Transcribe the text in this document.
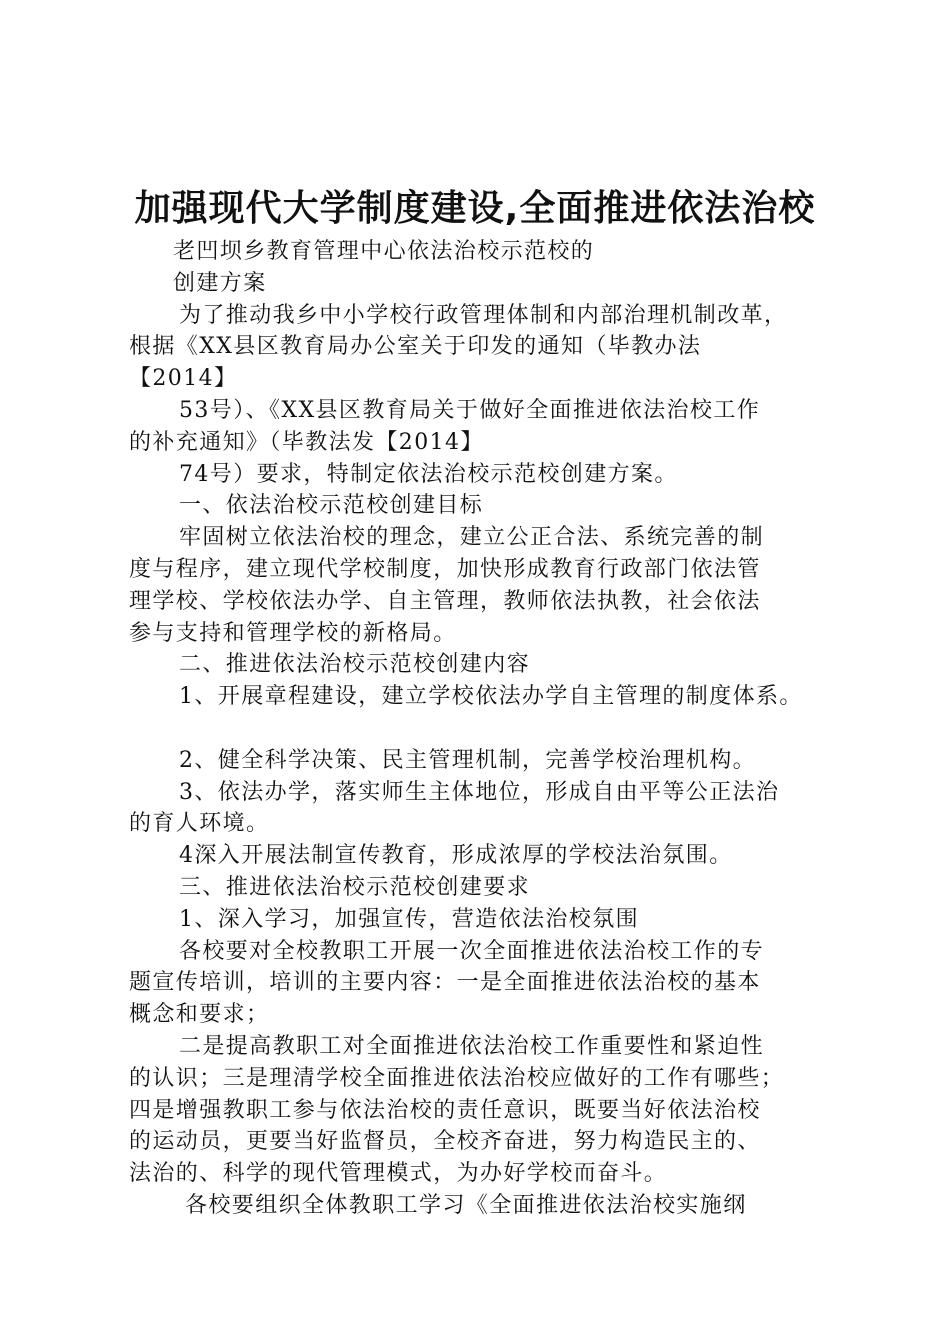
加强现代大学制度建设,全面推进依法治校
老凹坝乡教育管理中心依法治校示范校的
创建方案
为了推动我乡中小学校行政管理体制和内部治理机制改革，
根据《XX县区教育局办公室关于印发的通知（毕教办法
【2014】
53号）、《XX县区教育局关于做好全面推进依法治校工作
的补充通知》（毕教法发【2014】
74号）要求，特制定依法治校示范校创建方案。
一、依法治校示范校创建目标
牢固树立依法治校的理念，建立公正合法、系统完善的制
度与程序，建立现代学校制度，加快形成教育行政部门依法管
理学校、学校依法办学、自主管理，教师依法执教，社会依法
参与支持和管理学校的新格局。
二、推进依法治校示范校创建内容
1、开展章程建设，建立学校依法办学自主管理的制度体系。
2、健全科学决策、民主管理机制，完善学校治理机构。
3、依法办学，落实师生主体地位，形成自由平等公正法治
的育人环境。
4深入开展法制宣传教育，形成浓厚的学校法治氛围。
三、推进依法治校示范校创建要求
1、深入学习，加强宣传，营造依法治校氛围
各校要对全校教职工开展一次全面推进依法治校工作的专
题宣传培训，培训的主要内容：一是全面推进依法治校的基本
概念和要求；
二是提高教职工对全面推进依法治校工作重要性和紧迫性
的认识；三是理清学校全面推进依法治校应做好的工作有哪些；
四是增强教职工参与依法治校的责任意识，既要当好依法治校
的运动员，更要当好监督员，全校齐奋进，努力构造民主的、
法治的、科学的现代管理模式，为办好学校而奋斗。
各校要组织全体教职工学习《全面推进依法治校实施纲
